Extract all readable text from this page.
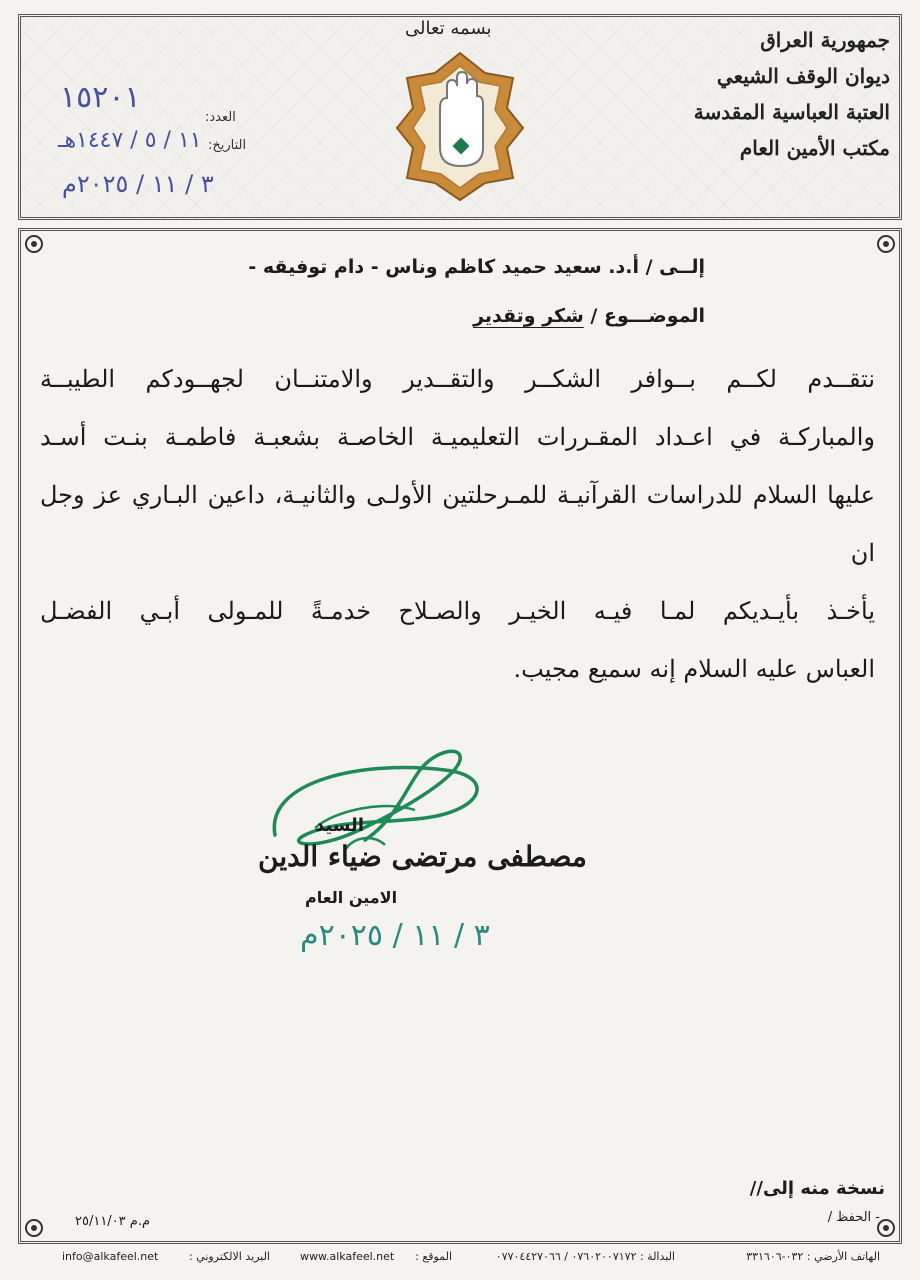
بسمه تعالى	جمهورية العراق
ديوان الوقف الشيعي
العتبة العباسية المقدسة
مكتب الأمين العام
العدد:
١٥٢٠١
التاريخ:
١١ / ٥ / ١٤٤٧هـ
٣ / ١١ / ٢٠٢٥م
إلــى / أ.د. سعيد حميد كاظم وناس - دام توفيقه -
الموضـــوع / شكر وتقدير
نتقــدم لكــم بــوافر الشكــر والتقــدير والامتنــان لجهــودكم الطيبــة
والمباركـة في اعـداد المقـررات التعليميـة الخاصـة بشعبـة فاطمـة بنـت أسـد
عليها السلام للدراسات القرآنيـة للمـرحلتين الأولـى والثانيـة، داعين البـاري عز وجل ان
يأخـذ بأيـديكم لمـا فيـه الخيـر والصـلاح خدمـةً للمـولى أبـي الفضـل
العباس عليه السلام إنه سميع مجيب.
السيد
مصطفى مرتضى ضياء الدين
الامين العام
٣ / ١١ / ٢٠٢٥م
نسخة منه إلى//
- الحفظ /
م.م ٢٥/١١/٠٣
الهاتف الأرضي : ٠٣٢-٣٣١٦٠٦
البدالة : ٠٧٦٠٢٠٠٧١٧٢ / ٠٧٧٠٤٤٢٧٠٦٦
الموقع :
www.alkafeel.net
البريد الالكتروني :
info@alkafeel.net
